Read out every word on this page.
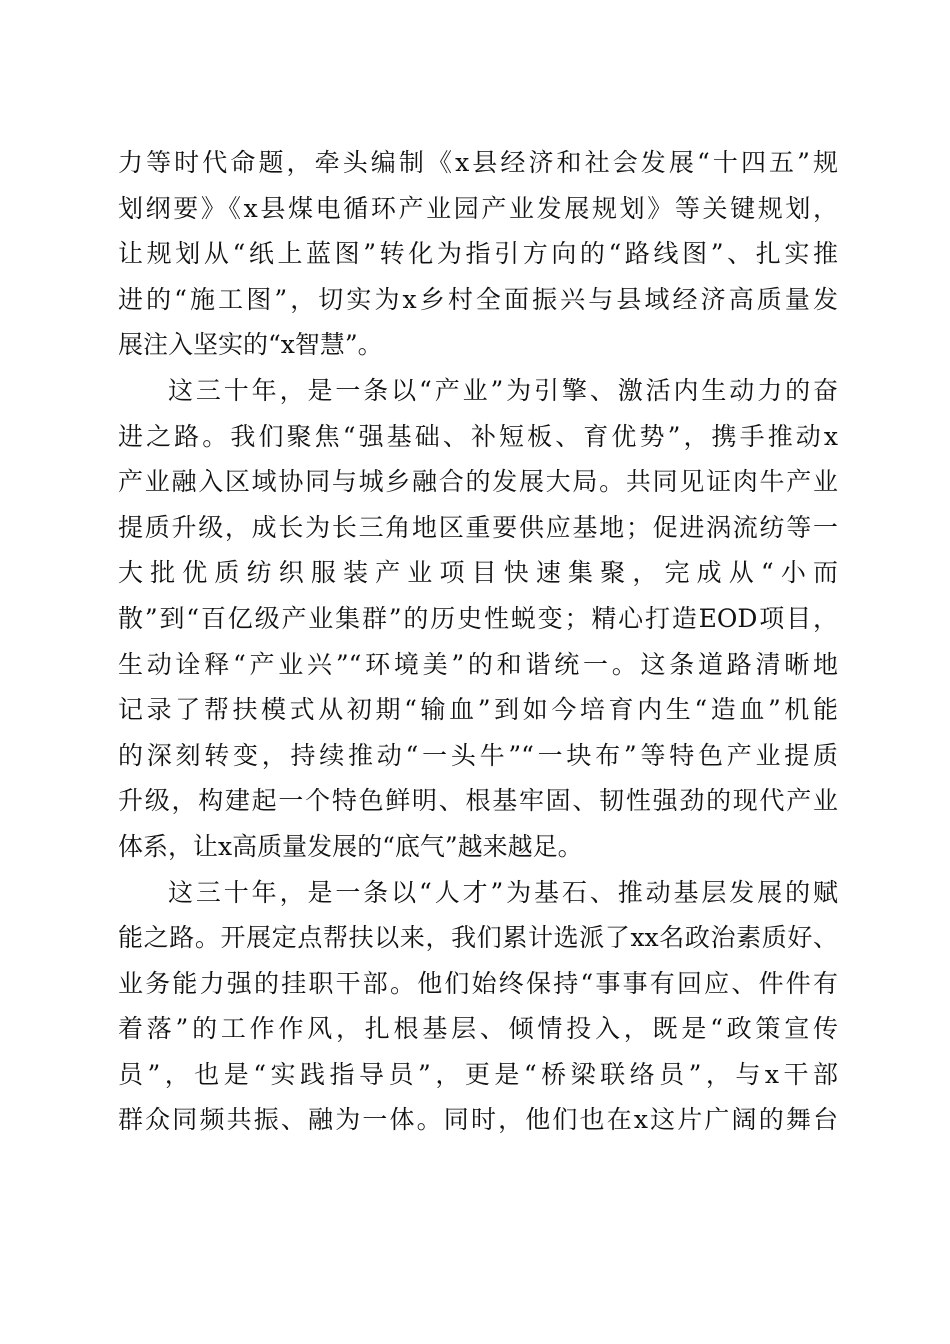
力等时代命题，牵头编制《x县经济和社会发展“十四五”规
划纲要》《x县煤电循环产业园产业发展规划》等关键规划，
让规划从“纸上蓝图”转化为指引方向的“路线图”、扎实推
进的“施工图”，切实为x乡村全面振兴与县域经济高质量发
展注入坚实的“x智慧”。
这三十年，是一条以“产业”为引擎、激活内生动力的奋
进之路。我们聚焦“强基础、补短板、育优势”，携手推动x
产业融入区域协同与城乡融合的发展大局。共同见证肉牛产业
提质升级，成长为长三角地区重要供应基地；促进涡流纺等一
大批优质纺织服装产业项目快速集聚，完成从“小而
散”到“百亿级产业集群”的历史性蜕变；精心打造EOD项目，
生动诠释“产业兴”“环境美”的和谐统一。这条道路清晰地
记录了帮扶模式从初期“输血”到如今培育内生“造血”机能
的深刻转变，持续推动“一头牛”“一块布”等特色产业提质
升级，构建起一个特色鲜明、根基牢固、韧性强劲的现代产业
体系，让x高质量发展的“底气”越来越足。
这三十年，是一条以“人才”为基石、推动基层发展的赋
能之路。开展定点帮扶以来，我们累计选派了xx名政治素质好、
业务能力强的挂职干部。他们始终保持“事事有回应、件件有
着落”的工作作风，扎根基层、倾情投入，既是“政策宣传
员”，也是“实践指导员”，更是“桥梁联络员”，与x干部
群众同频共振、融为一体。同时，他们也在x这片广阔的舞台
